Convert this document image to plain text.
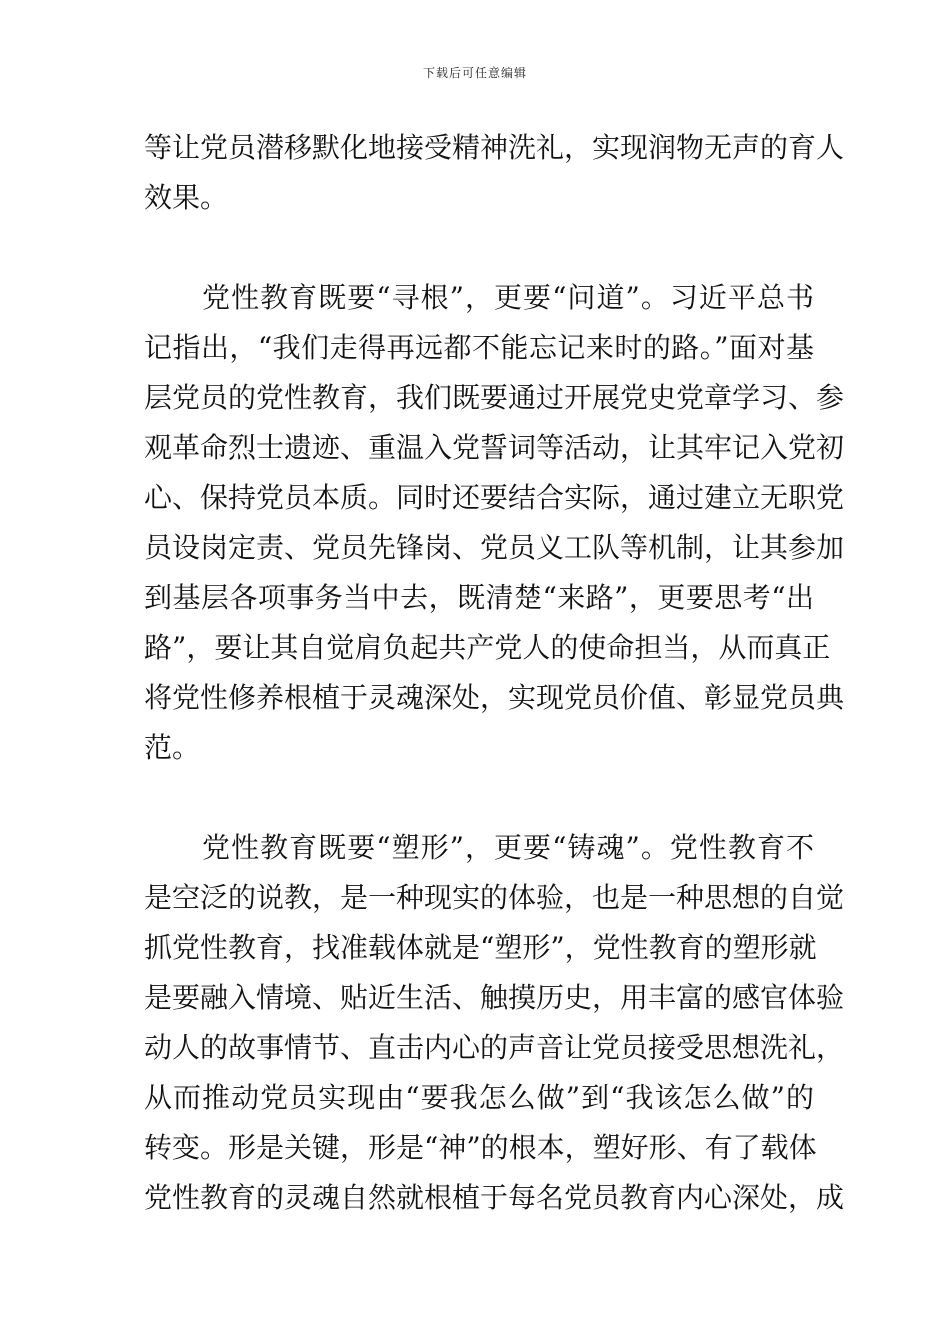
下载后可任意编辑
等让党员潜移默化地接受精神洗礼，实现润物无声的育人
效果。
　　党性教育既要“寻根”，更要“问道”。习近平总书
记指出，“我们走得再远都不能忘记来时的路。”面对基
层党员的党性教育，我们既要通过开展党史党章学习、参
观革命烈士遗迹、重温入党誓词等活动，让其牢记入党初
心、保持党员本质。同时还要结合实际，通过建立无职党
员设岗定责、党员先锋岗、党员义工队等机制，让其参加
到基层各项事务当中去，既清楚“来路”，更要思考“出
路”，要让其自觉肩负起共产党人的使命担当，从而真正
将党性修养根植于灵魂深处，实现党员价值、彰显党员典
范。
　　党性教育既要“塑形”，更要“铸魂”。党性教育不
是空泛的说教，是一种现实的体验，也是一种思想的自觉
抓党性教育，找准载体就是“塑形”，党性教育的塑形就
是要融入情境、贴近生活、触摸历史，用丰富的感官体验
动人的故事情节、直击内心的声音让党员接受思想洗礼，
从而推动党员实现由“要我怎么做”到“我该怎么做”的
转变。形是关键，形是“神”的根本，塑好形、有了载体
党性教育的灵魂自然就根植于每名党员教育内心深处，成
